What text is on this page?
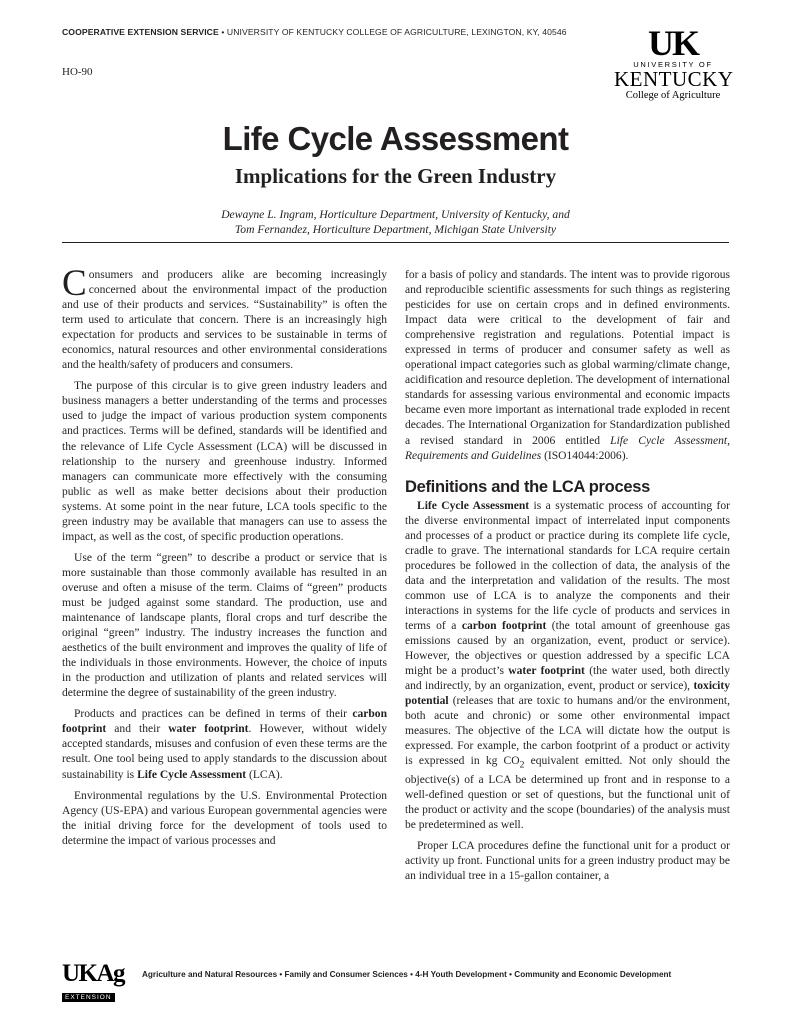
COOPERATIVE EXTENSION SERVICE • UNIVERSITY OF KENTUCKY COLLEGE OF AGRICULTURE, LEXINGTON, KY, 40546
HO-90
UK
UNIVERSITY OF
KENTUCKY
College of Agriculture
Life Cycle Assessment
Implications for the Green Industry
Dewayne L. Ingram, Horticulture Department, University of Kentucky, and
Tom Fernandez, Horticulture Department, Michigan State University

Consumers and producers alike are becoming increasingly concerned about the environmental impact of the production and use of their products and services. “Sustainability” is often the term used to articulate that concern. There is an increasingly high expectation for products and services to be sustainable in terms of economics, natural resources and other environmental considerations and the health/safety of producers and consumers.

The purpose of this circular is to give green industry leaders and business managers a better understanding of the terms and processes used to judge the impact of various production system components and practices. Terms will be defined, standards will be identified and the relevance of Life Cycle Assessment (LCA) will be discussed in relationship to the nursery and greenhouse industry. Informed managers can communicate more effectively with the consuming public as well as make better decisions about their production systems. At some point in the near future, LCA tools specific to the green industry may be available that managers can use to assess the impact, as well as the cost, of specific production operations.

Use of the term “green” to describe a product or service that is more sustainable than those commonly available has resulted in an overuse and often a misuse of the term. Claims of “green” products must be judged against some standard. The production, use and maintenance of landscape plants, floral crops and turf describe the original “green” industry. The industry increases the function and aesthetics of the built environment and improves the quality of life of the individuals in those environments. However, the choice of inputs in the production and utilization of plants and related services will determine the degree of sustainability of the green industry.

Products and practices can be defined in terms of their carbon footprint and their water footprint. However, without widely accepted standards, misuses and confusion of even these terms are the result. One tool being used to apply standards to the discussion about sustainability is Life Cycle Assessment (LCA).

Environmental regulations by the U.S. Environmental Protection Agency (US-EPA) and various European governmental agencies were the initial driving force for the development of tools used to determine the impact of various processes and

for a basis of policy and standards. The intent was to provide rigorous and reproducible scientific assessments for such things as registering pesticides for use on certain crops and in defined environments. Impact data were critical to the development of fair and comprehensive registration and regulations. Potential impact is expressed in terms of producer and consumer safety as well as operational impact categories such as global warming/climate change, acidification and resource depletion. The development of international standards for assessing various environmental and economic impacts became even more important as international trade exploded in recent decades. The International Organization for Standardization published a revised standard in 2006 entitled Life Cycle Assessment, Requirements and Guidelines (ISO14044:2006).

Definitions and the LCA process

Life Cycle Assessment is a systematic process of accounting for the diverse environmental impact of interrelated input components and processes of a product or practice during its complete life cycle, cradle to grave. The international standards for LCA require certain procedures be followed in the collection of data, the analysis of the data and the interpretation and validation of the results. The most common use of LCA is to analyze the components and their interactions in systems for the life cycle of products and services in terms of a carbon footprint (the total amount of greenhouse gas emissions caused by an organization, event, product or service). However, the objectives or question addressed by a specific LCA might be a product’s water footprint (the water used, both directly and indirectly, by an organization, event, product or service), toxicity potential (releases that are toxic to humans and/or the environment, both acute and chronic) or some other environmental impact measures. The objective of the LCA will dictate how the output is expressed. For example, the carbon footprint of a product or activity is expressed in kg $CO_2$ equivalent emitted. Not only should the objective(s) of a LCA be determined up front and in response to a well-defined question or set of questions, but the functional unit of the product or activity and the scope (boundaries) of the analysis must be predetermined as well.

Proper LCA procedures define the functional unit for a product or activity up front. Functional units for a green industry product may be an individual tree in a 15-gallon container, a

UKAg
EXTENSION
Agriculture and Natural Resources • Family and Consumer Sciences • 4-H Youth Development • Community and Economic Development
